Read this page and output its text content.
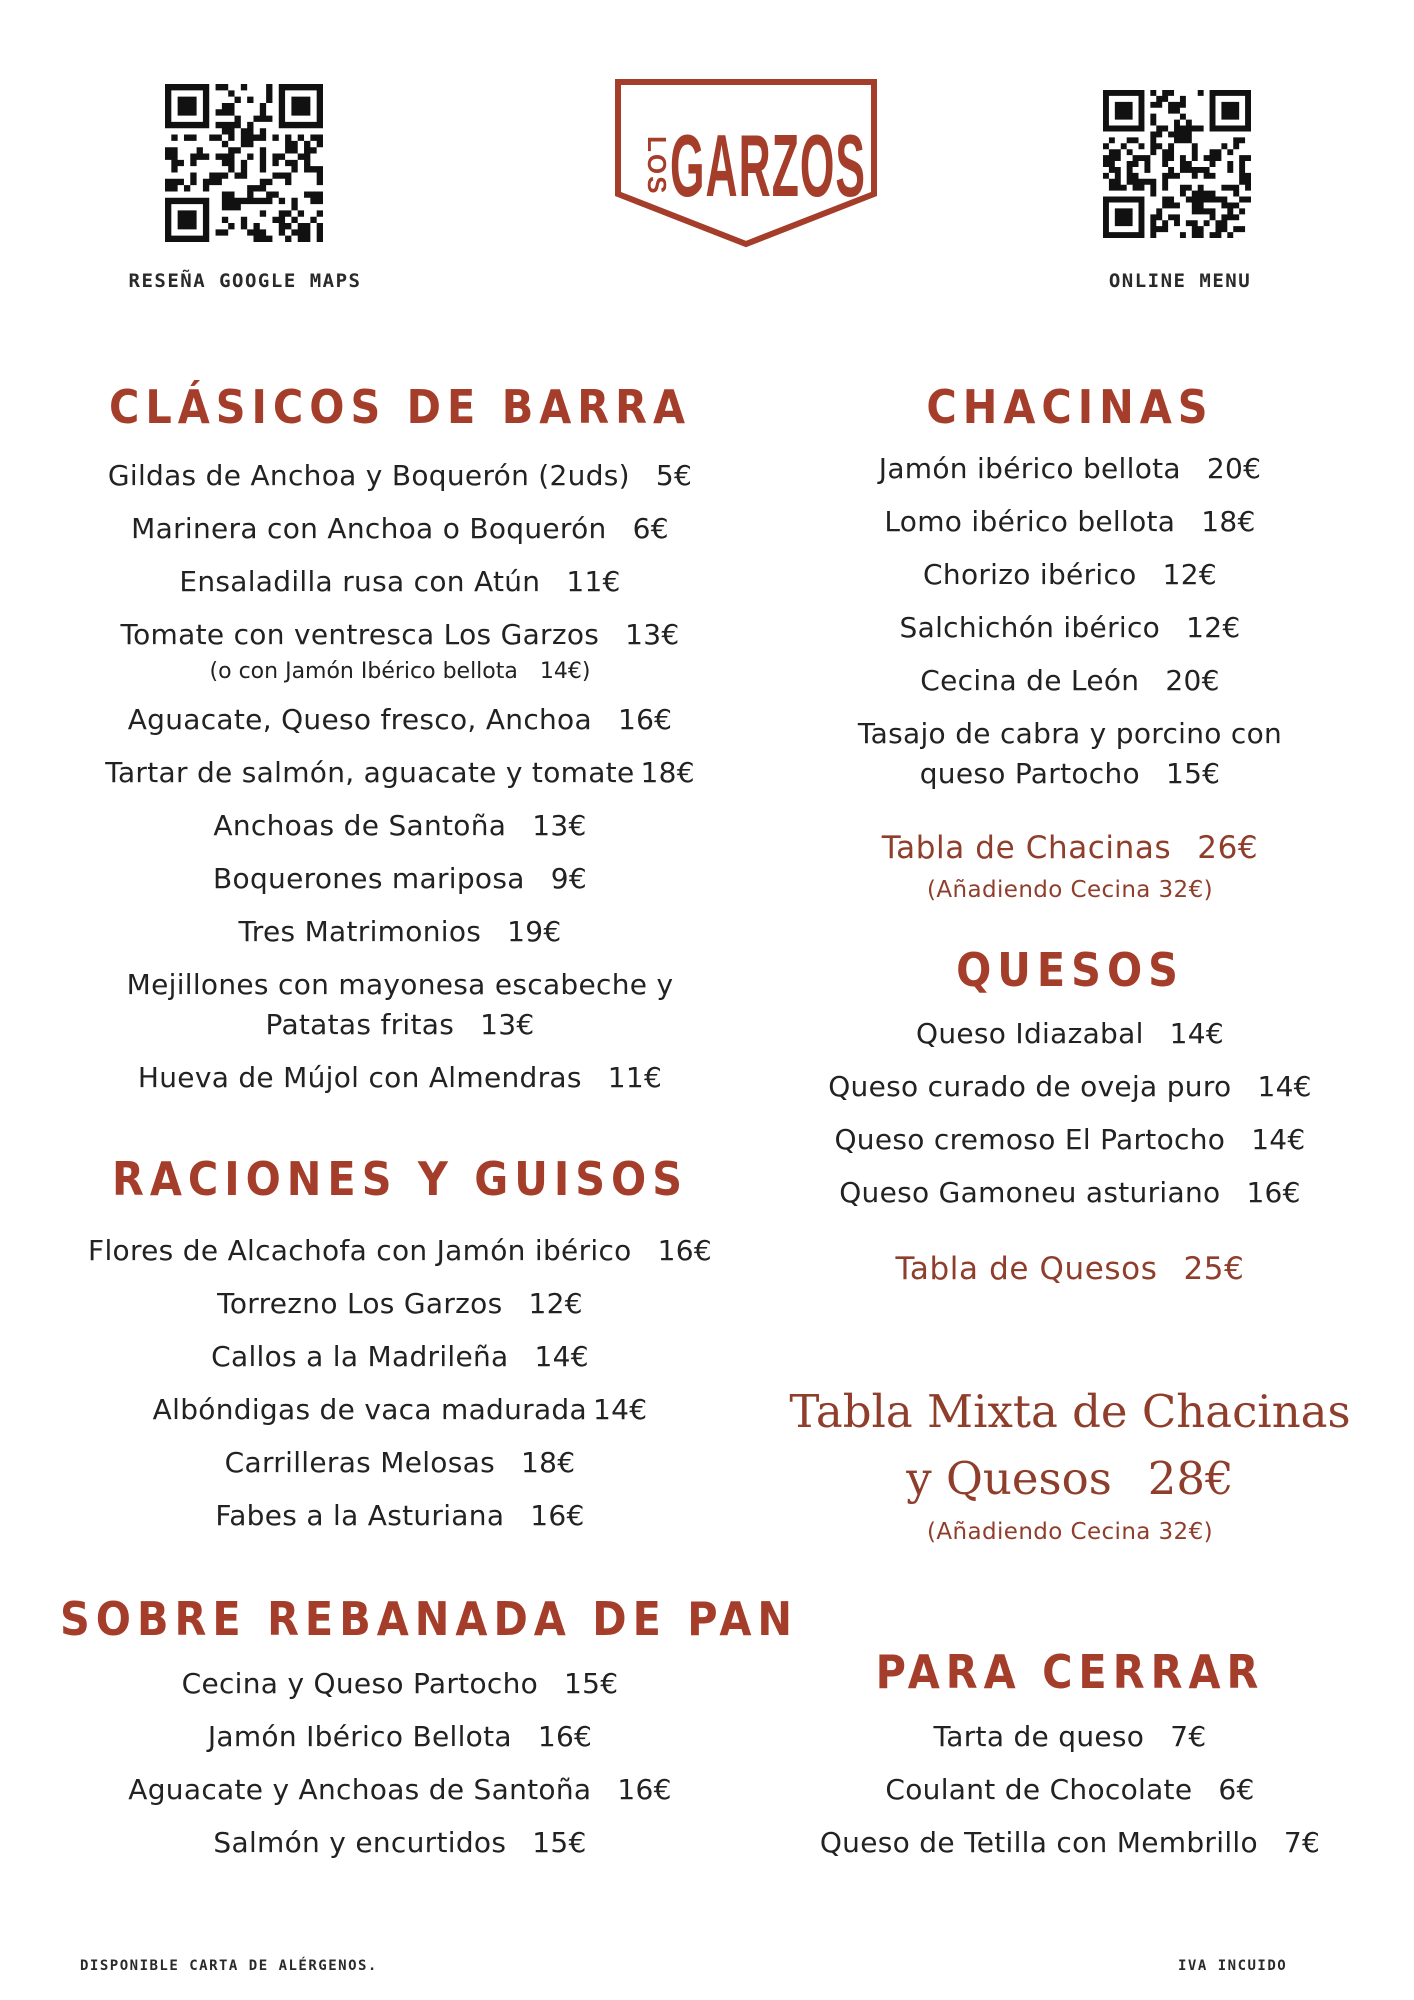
RESEÑA GOOGLE MAPS
LOS
GARZOS
ONLINE MENU
CLÁSICOS DE BARRA
Gildas de Anchoa y Boquerón (2uds) 5€
Marinera con Anchoa o Boquerón 6€
Ensaladilla rusa con Atún 11€
Tomate con ventresca Los Garzos 13€
(o con Jamón Ibérico bellota 14€)
Aguacate, Queso fresco, Anchoa 16€
Tartar de salmón, aguacate y tomate 18€
Anchoas de Santoña 13€
Boquerones mariposa 9€
Tres Matrimonios 19€
Mejillones con mayonesa escabeche y
Patatas fritas 13€
Hueva de Mújol con Almendras 11€
RACIONES Y GUISOS
Flores de Alcachofa con Jamón ibérico 16€
Torrezno Los Garzos 12€
Callos a la Madrileña 14€
Albóndigas de vaca madurada 14€
Carrilleras Melosas 18€
Fabes a la Asturiana 16€
SOBRE REBANADA DE PAN
Cecina y Queso Partocho 15€
Jamón Ibérico Bellota 16€
Aguacate y Anchoas de Santoña 16€
Salmón y encurtidos 15€
CHACINAS
Jamón ibérico bellota 20€
Lomo ibérico bellota 18€
Chorizo ibérico 12€
Salchichón ibérico 12€
Cecina de León 20€
Tasajo de cabra y porcino con
queso Partocho 15€
Tabla de Chacinas 26€
(Añadiendo Cecina 32€)
QUESOS
Queso Idiazabal 14€
Queso curado de oveja puro 14€
Queso cremoso El Partocho 14€
Queso Gamoneu asturiano 16€
Tabla de Quesos 25€
Tabla Mixta de Chacinas
y Quesos 28€
(Añadiendo Cecina 32€)
PARA CERRAR
Tarta de queso 7€
Coulant de Chocolate 6€
Queso de Tetilla con Membrillo 7€
DISPONIBLE CARTA DE ALÉRGENOS.	IVA INCUIDO
